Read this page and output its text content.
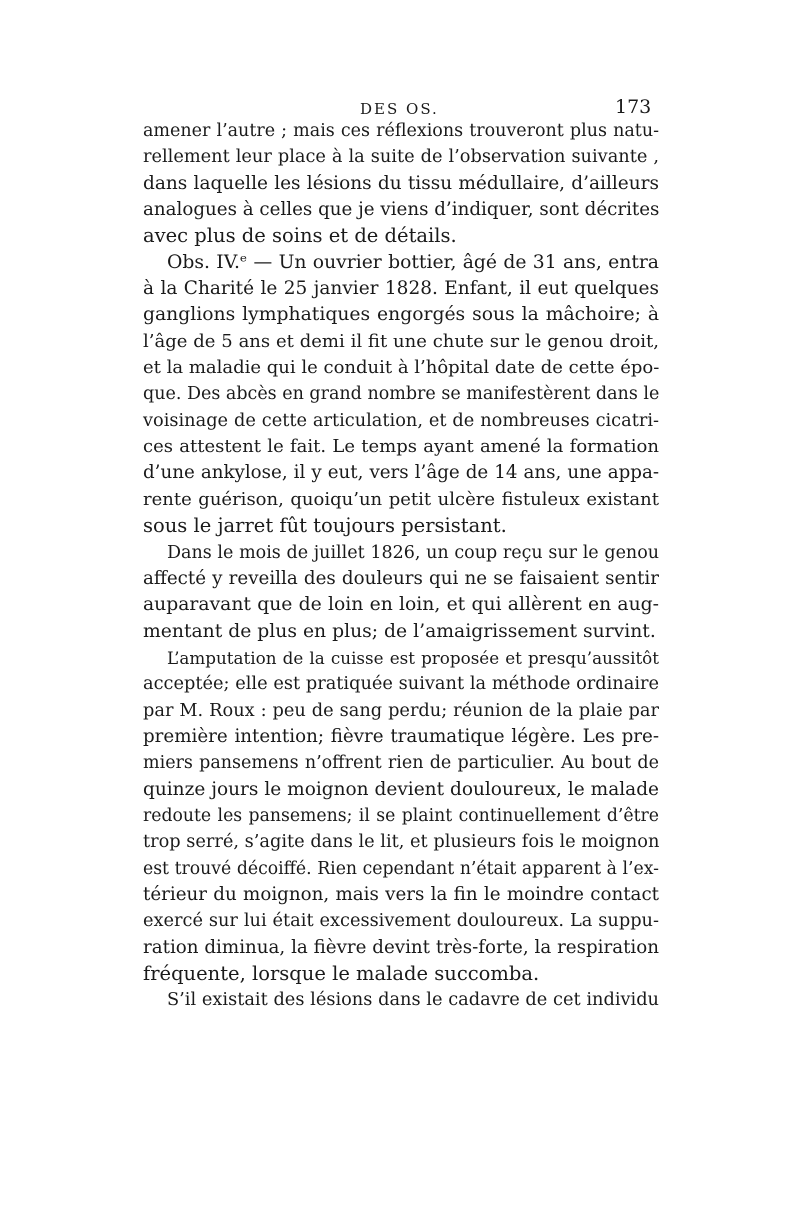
DES OS.	173
amener l’autre ; mais ces réflexions trouveront plus natu-
rellement leur place à la suite de l’observation suivante ,
dans laquelle les lésions du tissu médullaire, d’ailleurs
analogues à celles que je viens d’indiquer, sont décrites
avec plus de soins et de détails.
Obs. IV.ᵉ — Un ouvrier bottier, âgé de 31 ans, entra
à la Charité le 25 janvier 1828. Enfant, il eut quelques
ganglions lymphatiques engorgés sous la mâchoire; à
l’âge de 5 ans et demi il fit une chute sur le genou droit,
et la maladie qui le conduit à l’hôpital date de cette épo-
que. Des abcès en grand nombre se manifestèrent dans le
voisinage de cette articulation, et de nombreuses cicatri-
ces attestent le fait. Le temps ayant amené la formation
d’une ankylose, il y eut, vers l’âge de 14 ans, une appa-
rente guérison, quoiqu’un petit ulcère fistuleux existant
sous le jarret fût toujours persistant.
Dans le mois de juillet 1826, un coup reçu sur le genou
affecté y reveilla des douleurs qui ne se faisaient sentir
auparavant que de loin en loin, et qui allèrent en aug-
mentant de plus en plus; de l’amaigrissement survint.
L’amputation de la cuisse est proposée et presqu’aussitôt
acceptée; elle est pratiquée suivant la méthode ordinaire
par M. Roux : peu de sang perdu; réunion de la plaie par
première intention; fièvre traumatique légère. Les pre-
miers pansemens n’offrent rien de particulier. Au bout de
quinze jours le moignon devient douloureux, le malade
redoute les pansemens; il se plaint continuellement d’être
trop serré, s’agite dans le lit, et plusieurs fois le moignon
est trouvé décoiffé. Rien cependant n’était apparent à l’ex-
térieur du moignon, mais vers la fin le moindre contact
exercé sur lui était excessivement douloureux. La suppu-
ration diminua, la fièvre devint très-forte, la respiration
fréquente, lorsque le malade succomba.
S’il existait des lésions dans le cadavre de cet individu
